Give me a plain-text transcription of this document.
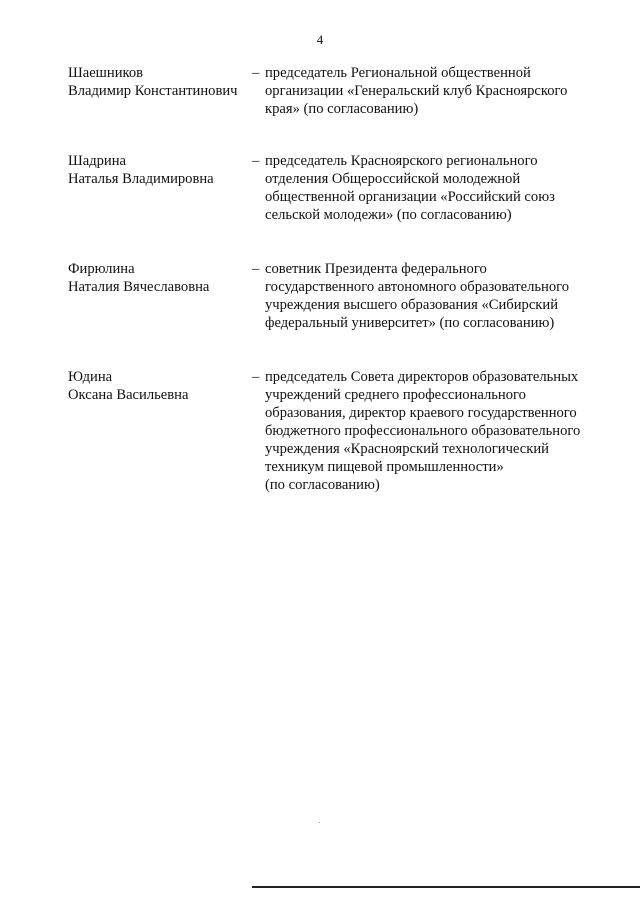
4
Шаешников
Владимир Константинович
– председатель Региональной общественной
организации «Генеральский клуб Красноярского
края» (по согласованию)
Шадрина
Наталья Владимировна
– председатель Красноярского регионального
отделения Общероссийской молодежной
общественной организации «Российский союз
сельской молодежи» (по согласованию)
Фирюлина
Наталия Вячеславовна
– советник Президента федерального
государственного автономного образовательного
учреждения высшего образования «Сибирский
федеральный университет» (по согласованию)
Юдина
Оксана Васильевна
– председатель Совета директоров образовательных
учреждений среднего профессионального
образования, директор краевого государственного
бюджетного профессионального образовательного
учреждения «Красноярский технологический
техникум пищевой промышленности»
(по согласованию)
